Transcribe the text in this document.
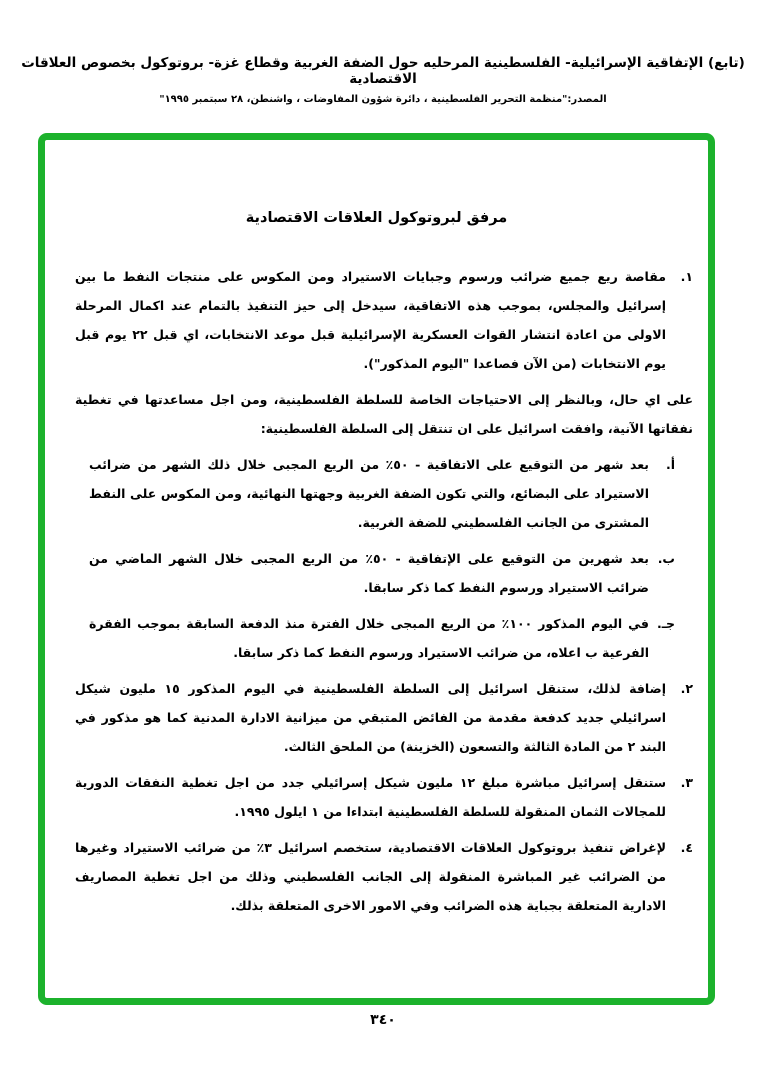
(تابع) الإتفاقية الإسرائيلية- الفلسطينية المرحليه حول الضفة الغربية وقطاع غزة- بروتوكول بخصوص العلاقات الاقتصادية
المصدر:"منظمة التحرير الفلسطينية ، دائرة شؤون المفاوضات ، واشنطن، ٢٨ سبتمبر ١٩٩٥"
مرفق لبروتوكول العلاقات الاقتصادية
١.
مقاصة ريع جميع ضرائب ورسوم وجبايات الاستيراد ومن المكوس على منتجات النفط ما بين إسرائيل والمجلس، بموجب هذه الاتفاقية، سيدخل إلى حيز التنفيذ بالتمام عند اكمال المرحلة الاولى من اعادة انتشار القوات العسكرية الإسرائيلية قبل موعد الانتخابات، اي قبل ٢٢ يوم قبل يوم الانتخابات (من الآن فصاعدا "اليوم المذكور").
على اي حال، وبالنظر إلى الاحتياجات الخاصة للسلطة الفلسطينية، ومن اجل مساعدتها في تغطية نفقاتها الآنية، وافقت اسرائيل على ان تنتقل إلى السلطة الفلسطينية:
أ.
بعد شهر من التوقيع على الاتفاقية - ٥٠٪ من الريع المجبى خلال ذلك الشهر من ضرائب الاستيراد على البضائع، والتي تكون الضفة الغربية وجهتها النهائية، ومن المكوس على النفط المشترى من الجانب الفلسطيني للضفة الغربية.
ب.
بعد شهرين من التوقيع على الإتفاقية - ٥٠٪ من الريع المجبى خلال الشهر الماضي من ضرائب الاستيراد ورسوم النفط كما ذكر سابقا.
جـ.
في اليوم المذكور ١٠٠٪ من الريع المبجى خلال الفترة منذ الدفعة السابقة بموجب الفقرة الفرعية ب اعلاه، من ضرائب الاستيراد ورسوم النفط كما ذكر سابقا.
٢.
إضافة لذلك، ستنقل اسرائيل إلى السلطة الفلسطينية في اليوم المذكور ١٥ مليون شيكل اسرائيلي جديد كدفعة مقدمة من الفائض المتبقي من ميزانية الادارة المدنية كما هو مذكور في البند ٢ من المادة الثالثة والتسعون (الخزينة) من الملحق الثالث.
٣.
ستنقل إسرائيل مباشرة مبلغ ١٢ مليون شيكل إسرائيلي جدد من اجل تغطية النفقات الدورية للمجالات الثمان المنقولة للسلطة الفلسطينية ابتداءا من ١ ايلول ١٩٩٥.
٤.
لإغراض تنفيذ بروتوكول العلاقات الاقتصادية، ستخصم اسرائيل ٣٪ من ضرائب الاستيراد وغيرها من الضرائب غير المباشرة المنقولة إلى الجانب الفلسطيني وذلك من اجل تغطية المصاريف الادارية المتعلقة بجباية هذه الضرائب وفي الامور الاخرى المتعلقة بذلك.
٣٤٠
